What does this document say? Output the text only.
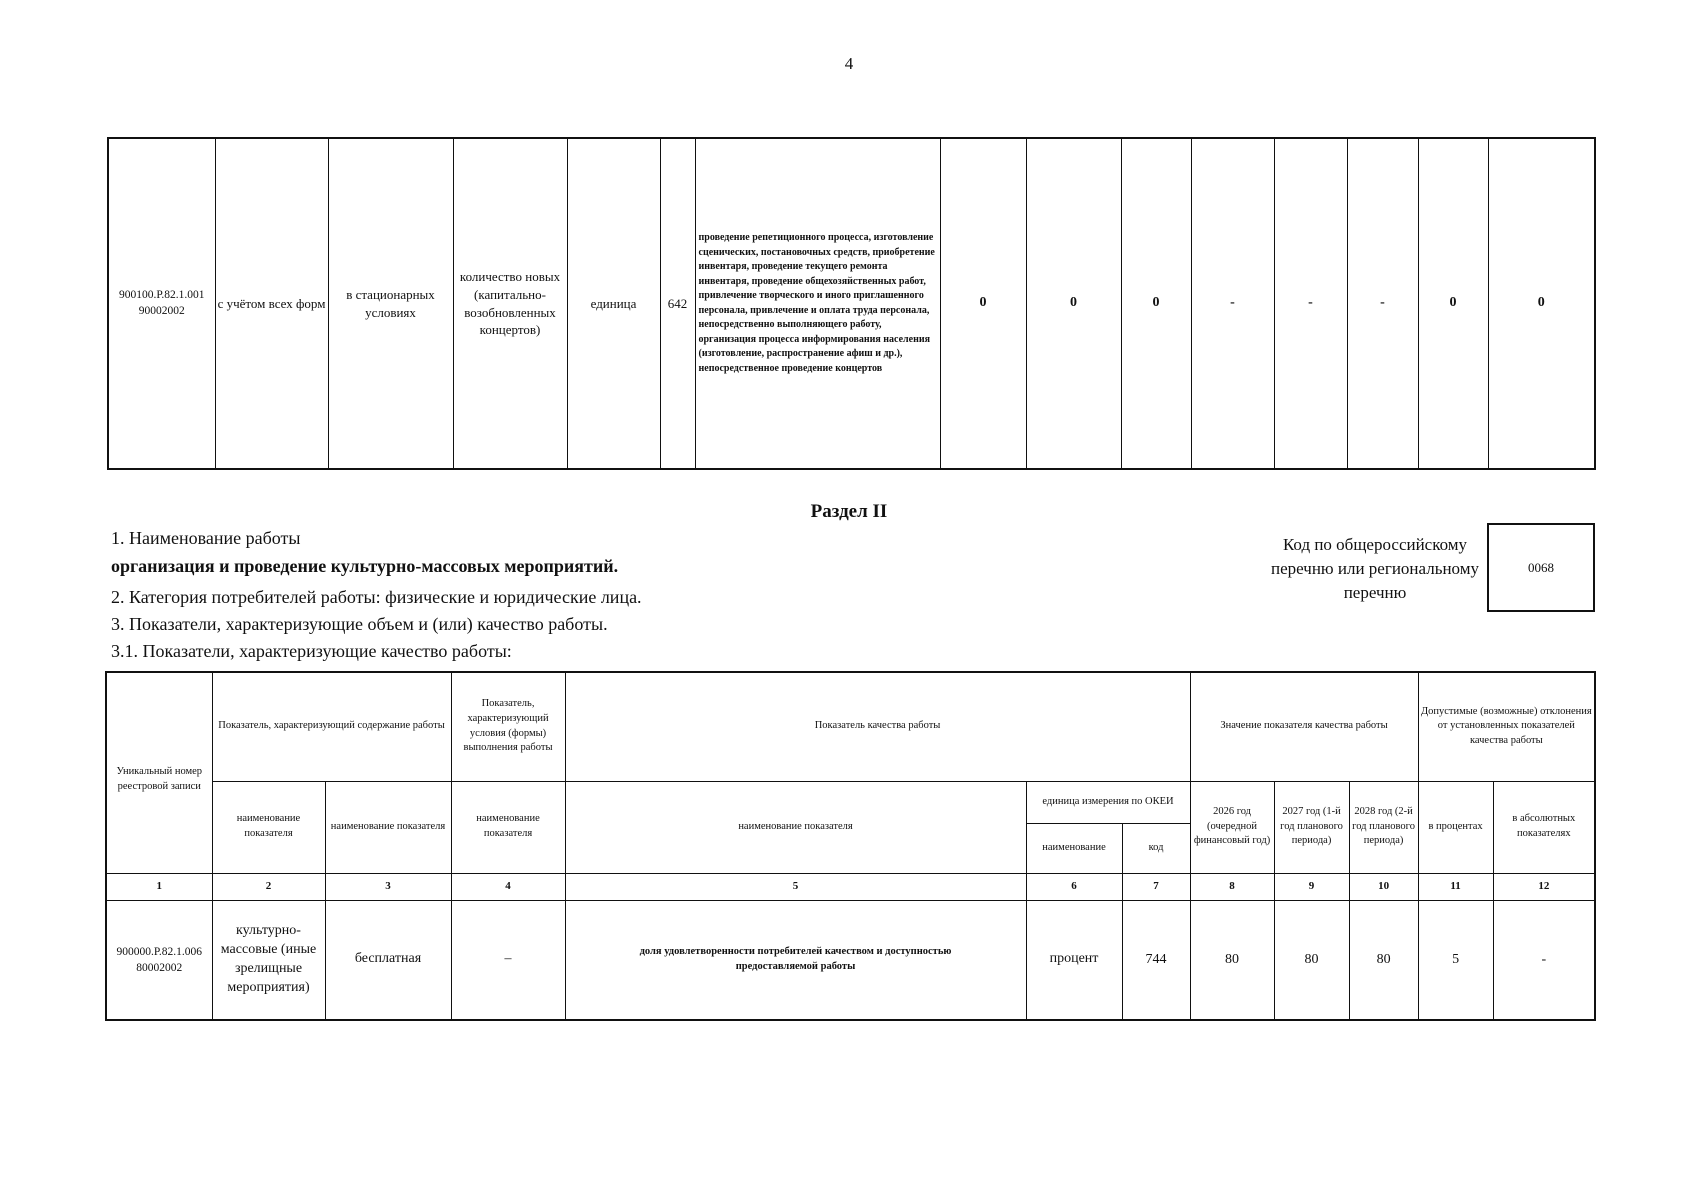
4
900100.Р.82.1.001 90002002	с учётом всех форм	в стационарных условиях	количество новых (капитально-возобновленных концертов)	единица	642	проведение репетиционного процесса, изготовление сценических, постановочных средств, приобретение инвентаря, проведение текущего ремонта инвентаря, проведение общехозяйственных работ, привлечение творческого и иного приглашенного персонала, привлечение и оплата труда персонала, непосредственно выполняющего работу, организация процесса информирования населения (изготовление, распространение афиш и др.), непосредственное проведение концертов	0	0	0	-	-	-	0	0
Раздел II
1. Наименование работы
организация и проведение культурно-массовых мероприятий.
2. Категория потребителей работы: физические и юридические лица.
3. Показатели, характеризующие объем и (или) качество работы.
3.1. Показатели, характеризующие качество работы:
Код по общероссийскому перечню или региональному перечню
0068
Уникальный номер реестровой записи	Показатель, характеризующий содержание работы		Показатель, характеризующий условия (формы) выполнения работы	Показатель качества работы			Значение показателя качества работы			Допустимые (возможные) отклонения от установленных показателей качества работы	
	наименование показателя	наименование показателя	наименование показателя	наименование показателя	единица измерения по ОКЕИ		2026 год (очередной финансовый год)	2027 год (1-й год планового периода)	2028 год (2-й год планового периода)	в процентах	в абсолютных показателях
					наименование	код					
1	2	3	4	5	6	7	8	9	10	11	12
900000.Р.82.1.006 80002002	культурно-массовые (иные зрелищные мероприятия)	бесплатная	–	доля удовлетворенности потребителей качеством и доступностью предоставляемой работы	процент	744	80	80	80	5	-
